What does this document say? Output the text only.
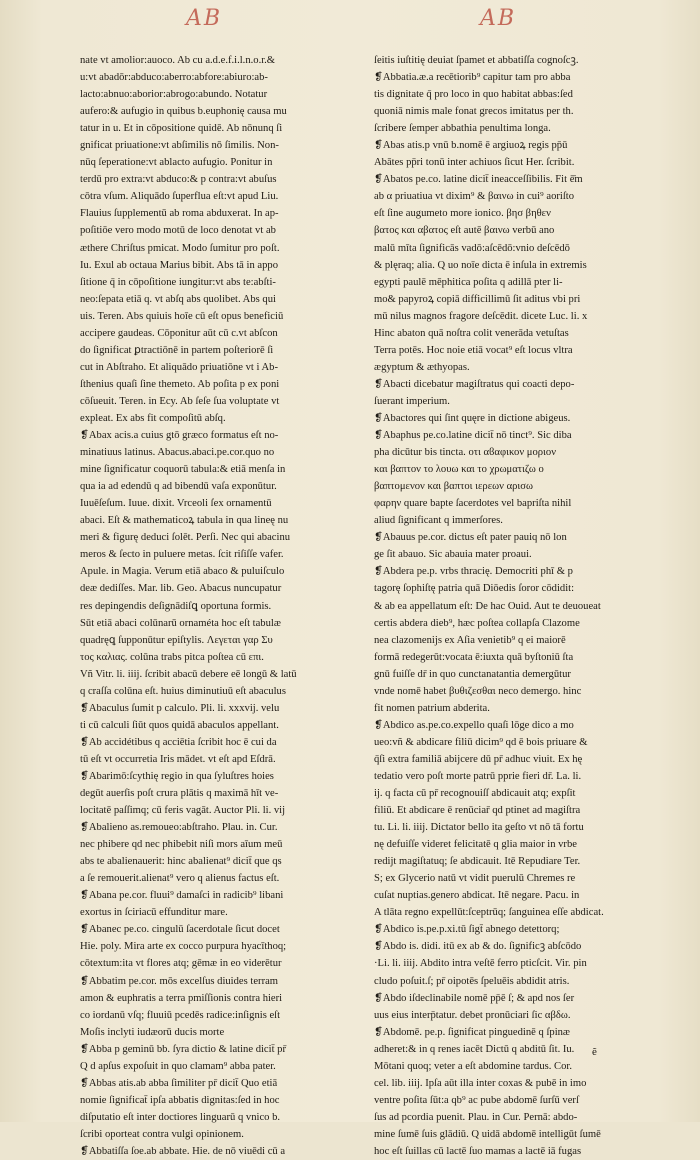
AB	AB
nate vt amolior:auoco. Ab cu a.d.e.f.i.l.n.o.r.&
u:vt abadōr:abduco:aberro:abfore:abiuro:ab-
lacto:abnuo:aborior:abrogo:abundo. Notatur
aufero:& aufugio in quibus b.euphonię causa mu
tatur in u. Et in cōpositione quidē. Ab nōnunq ſi
gnificat priuatione:vt abſimilis nō ſimilis. Non-
nūq ſeperatione:vt ablacto aufugio. Ponitur in
terdū pro extra:vt abduco:& p contra:vt abuſus
cōtra vſum. Aliquādo ſuperflua eſt:vt apud Liu.
Flauius ſupplementū ab roma abduxerat. In ap-
poſitiōe vero modo motū de loco denotat vt ab
æthere Chriſtus pmicat. Modo ſumitur pro poſt.
Iu. Exul ab octaua Marius bibit. Abs tā in appo
ſitione q̄ in cōpoſitione iungitur:vt abs te:abſti-
neo:ſepata etiā q. vt abſq abs quolibet. Abs qui
uis. Teren. Abs quiuis hoīe cū eſt opus beneficiū
accipere gaudeas. Cōponitur aūt cū c.vt abſcon
do ſignificat ꝑtractiōnē in partem poſteriorē ſi
cut in Abſtraho. Et aliquādo priuatiōne vt i Ab-
ſthenius quaſi ſine themeto. Ab poſita p ex poni
cōſueuit. Teren. in Ecy. Ab ſeſe ſua voluptate vt
expleat. Ex abs fit compoſitū abſq.
❡Abax acis.a cuius gtō græco formatus eſt no-
minatiuus latinus. Abacus.abaci.pe.cor.quo no
mine ſignificatur coquorū tabula:& etiā menſa in
qua ia ad edendū q ad bibendū vaſa exponūtur.
Iuuēſeſum. Iuue. dixit. Vrceoli ſex ornamentū
abaci. Eſt & mathematicoꝝ tabula in qua lineę nu
meri & figurę deduci ſolēt. Perſi. Nec qui abacinu
meros & ſecto in puluere metas. ſcit riſiſſe vafer.
Apule. in Magia. Verum etiā abaco & puluiſculo
deæ dediſſes. Mar. lib. Geo. Abacus nuncupatur
res depingendis deſignādiſꝗ oportuna formis.
Sūt etiā abaci colūnarū ornaméta hoc eſt tabulæ
quadręꝗ ſupponūtur epiſtylis. Λεγεται γαρ Συ
τος καλιας. colūna trabs pitca poſtea cū επι.
Vñ Vitr. li. iiij. ſcribit abacū debere eē longū & latū
q craſſa colūna eſt. huius diminutiuū eſt abaculus
❡Abaculus ſumit p calculo. Pli. li. xxxvij. velu
ti cū calculi ſiūt quos quidā abaculos appellant.
❡Ab accidétibus q acciētia ſcribit hoc ē cui da
tū eſt vt occurretia Iris mādet. vt eſt apd Eſdrā.
❡Abarimō:ſcythię regio in qua ſyluſtres hoies
degūt auerſis poſt crura plātis q maximā hīt ve-
locitatē paſſimq; cū feris vagāt. Auctor Pli. li. vij
❡Abalieno as.remoueo:abſtraho. Plau. in. Cur.
nec phibere qd nec phibebit niſi mors aīum meū
abs te abalienauerit: hinc abalienat⁹ dicit̄ que qs
a ſe remouerit.alienat⁹ vero q alienus factus eſt.
❡Abana pe.cor. fluui⁹ damaſci in radicib⁹ libani
exortus in ſciriacū effunditur mare.
❡Abanec pe.co. cingulū ſacerdotale ſicut docet
Hie. poly. Mira arte ex cocco purpura hyacīthoq;
cōtextum:ita vt flores atq; gēmæ in eo viderētur
❡Abbatim pe.cor. mōs excelſus diuides terram
amon & euphratis a terra pmiſſionis contra hieri
co iordanū vſq; fluuiū pcedēs radice:inſignis eſt
Moſis inclyti iudæorū ducis morte
❡Abba p geminū bb. ſyra dictio & latine dicit̄ pr̄
Q d apſus expoſuit in quo clamam⁹ abba pater.
❡Abbas atis.ab abba ſimiliter pr̄ dicit̄ Quo etiā
nomie ſignificat̄ ipſa abbatis dignitas:ſed in hoc
diſputatio eſt inter doctiores linguarū q vnico b.
ſcribi oporteat contra vulgi opinionem.
❡Abbatiſſa ſoe.ab abbate. Hie. de nō viuēdi cū a
ſeitis iuſtitię deuiat ſpamet et abbatiſſa cognoſcꝫ.
❡Abbatia.æ.a recētiorib⁹ capitur tam pro abba
tis dignitate q̄ pro loco in quo habitat abbas:ſed
quoniā nimis male fonat grecos imitatus per th.
ſcribere ſemper abbathia penultima longa.
❡Abas atis.p vnū b.nomē ē argiuoꝝ regis pp̄ū
Abātes pp̄ri tonū inter achiuos ſicut Her. ſcribit.
❡Abatos pe.co. latine dicit̄ ineacceſſibilis. Fit ē̄m
ab α priuatiua vt dixim⁹ & βαινω in cui⁹ aoriſto
eſt ſine augumeto more ionico. βησ βηθεν
βατος και αβατος eſt autē βαινω verbū ano
malū mīta ſignificās vadō:aſcēdō:vnio deſcēdō
& plęraq; alia. Q uo noīe dicta ē inſula in extremis
egypti paulē mēphitica poſita q adillā pter li-
mo& papyroꝝ copiā difficillimū ſit aditus vbi pri
mū nilus magnos fragore deſcēdit. dicete Luc. li. x
Hinc abaton quā noſtra colit venerāda vetuſtas
Terra potēs. Hoc noie etiā vocat⁹ eſt locus vltra
ægyptum & æthyopas.
❡Abacti dicebatur magiſtratus qui coacti depo-
ſuerant imperium.
❡Abactores qui ſint quęre in dictione abigeus.
❡Abaphus pe.co.latine dicit̄ nō tinct⁹. Sic diba
pha dicūtur bis tincta. οτι αϐαφικον μοριον
και βαπτον το λουω και το χρωματιζω ο
βαπτομενον και βαπτοι ιερεων αρισω
φαρην quare bapte ſacerdotes vel bapriſta nihil
aliud ſignificant q immerſores.
❡Abauus pe.cor. dictus eſt pater pauiq nō lon
ge ſit abauo. Sic abauia mater proaui.
❡Abdera pe.p. vrbs thracię. Democriti phī & p
tagorę ſophiſtę patria quā Diōedis ſoror cōdidit:
& ab ea appellatum eſt: De hac Ouid. Aut te deuoueat
certis abdera dieb⁹, hæc poſtea collapſa Clazome
nea clazomenijs ex Aſia venietib⁹ q ei maiorē
formā redegerūt:vocata ē:iuxta quā byſtoniū ſta
gnū fuiſſe dr̄ in quo cunctanatantia demergūtur
vnde nomē habet βυθιζεσθαι neco demergo. hinc
fit nomen patrium abderita.
❡Abdico as.pe.co.expello quaſi lōge dico a mo
ueo:vñ & abdicare filiū dicim⁹ qd ē bois priuare &
q̄ſi extra familiā abijcere dū pr̄ adhuc viuit. Ex hę
tedatio vero poſt morte patrū pprie fieri dr̄. La. li.
ij. q facta cū pr̄ recognouiſſ abdicauit atq; expſit
filiū. Et abdicare ē renūciar̄ qd ptinet ad magiſtra
tu. Li. li. iiij. Dictator bello ita geſto vt nō tā fortu
nę defuiſſe videret felicitatē q glia maior in vrbe
redijt magiſtatuq; ſe abdicauit. Itē Repudiare Ter.
S; ex Glycerio natū vt vidit puerulū Chremes re
cuſat nuptias.genero abdicat. Itē negare. Pacu. in
A tlāta regno expellūt:ſceptrūq; ſanguinea eſſe abdicat.
❡Abdico is.pe.p.xi.tū ſigt̄ abnego detettorq;
❡Abdo is. didi. itū ex ab & do. ſignificꝫ abſcōdo
·Li. li. iiij. Abdito intra veſtē ferro pticſcit. Vir. pin
cludo poſuit.ſ; pr̄ oipotēs ſpeluēis abdidit atris.
❡Abdo iſdeclinabile nomē pp̄ē ſ; & apd nos ſer
uus eius interp̄tatur. debet pronūciari ſic αβδω.
❡Abdomē. pe.p. ſignificat pinguedinē q ſpinæ
adheret:& in q renes iacēt Dictū q abditū ſit. Iu.
Mōtani quoq; veter a eſt abdomine tardus. Cor.
cel. lib. iiij. Ipſa aūt illa inter coxas & pubē in imo
ventre poſita ſūt:a qb⁹ ac pube abdomē ſurſū verſ
ſus ad pcordia puenit. Plau. in Cur. Pernā: abdo-
mine ſumē ſuis glādiū. Q uidā abdomē intelligūt ſumē
hoc eſt ſuillas cū lactē ſuo mamas a lactē iā fugas
ẽ
